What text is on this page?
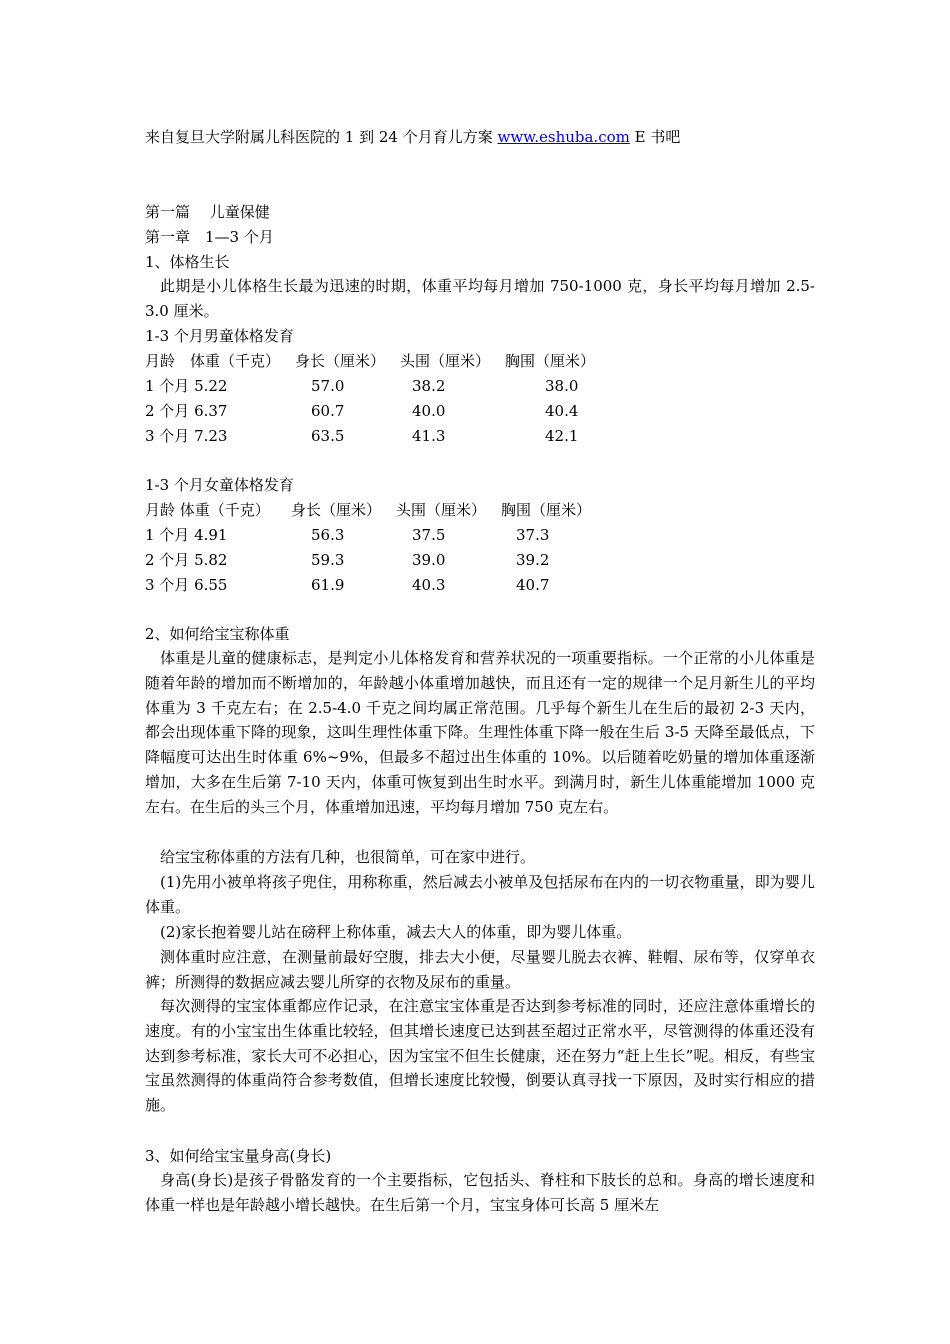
来自复旦大学附属儿科医院的 1 到 24 个月育儿方案 www.eshuba.com E 书吧
第一篇　 儿童保健
第一章　1—3 个月
1、体格生长
此期是小儿体格生长最为迅速的时期，体重平均每月增加 750-1000 克，身长平均每月增加 2.5-3.0 厘米。
1-3 个月男童体格发育
月龄　体重（千克） 身长（厘米） 头围（厘米） 胸围（厘米）
1 个月 5.22	57.0	38.2	38.0
2 个月 6.37	60.7	40.0	40.4
3 个月 7.23	63.5	41.3	42.1
1-3 个月女童体格发育
月龄 体重（千克） 身长（厘米） 头围（厘米） 胸围（厘米）
1 个月 4.91	56.3	37.5	37.3
2 个月 5.82	59.3	39.0	39.2
3 个月 6.55	61.9	40.3	40.7
2、如何给宝宝称体重
体重是儿童的健康标志，是判定小儿体格发育和营养状况的一项重要指标。一个正常的小儿体重是随着年龄的增加而不断增加的，年龄越小体重增加越快，而且还有一定的规律一个足月新生儿的平均体重为 3 千克左右；在 2.5-4.0 千克之间均属正常范围。几乎每个新生儿在生后的最初 2-3 天内，都会出现体重下降的现象，这叫生理性体重下降。生理性体重下降一般在生后 3-5 天降至最低点，下降幅度可达出生时体重 6%~9%，但最多不超过出生体重的 10%。以后随着吃奶量的增加体重逐渐增加，大多在生后第 7-10 天内，体重可恢复到出生时水平。到满月时，新生儿体重能增加 1000 克左右。在生后的头三个月，体重增加迅速，平均每月增加 750 克左右。
给宝宝称体重的方法有几种，也很简单，可在家中进行。
(1)先用小被单将孩子兜住，用称称重，然后减去小被单及包括尿布在内的一切衣物重量，即为婴儿体重。
(2)家长抱着婴儿站在磅秤上称体重，减去大人的体重，即为婴儿体重。
测体重时应注意，在测量前最好空腹，排去大小便，尽量婴儿脱去衣裤、鞋帽、尿布等，仅穿单衣裤；所测得的数据应减去婴儿所穿的衣物及尿布的重量。
每次测得的宝宝体重都应作记录，在注意宝宝体重是否达到参考标准的同时，还应注意体重增长的速度。有的小宝宝出生体重比较轻，但其增长速度已达到甚至超过正常水平，尽管测得的体重还没有达到参考标准，家长大可不必担心，因为宝宝不但生长健康，还在努力“赶上生长”呢。相反，有些宝宝虽然测得的体重尚符合参考数值，但增长速度比较慢，倒要认真寻找一下原因，及时实行相应的措施。
3、如何给宝宝量身高(身长)
身高(身长)是孩子骨骼发育的一个主要指标，它包括头、脊柱和下肢长的总和。身高的增长速度和体重一样也是年龄越小增长越快。在生后第一个月，宝宝身体可长高 5 厘米左
